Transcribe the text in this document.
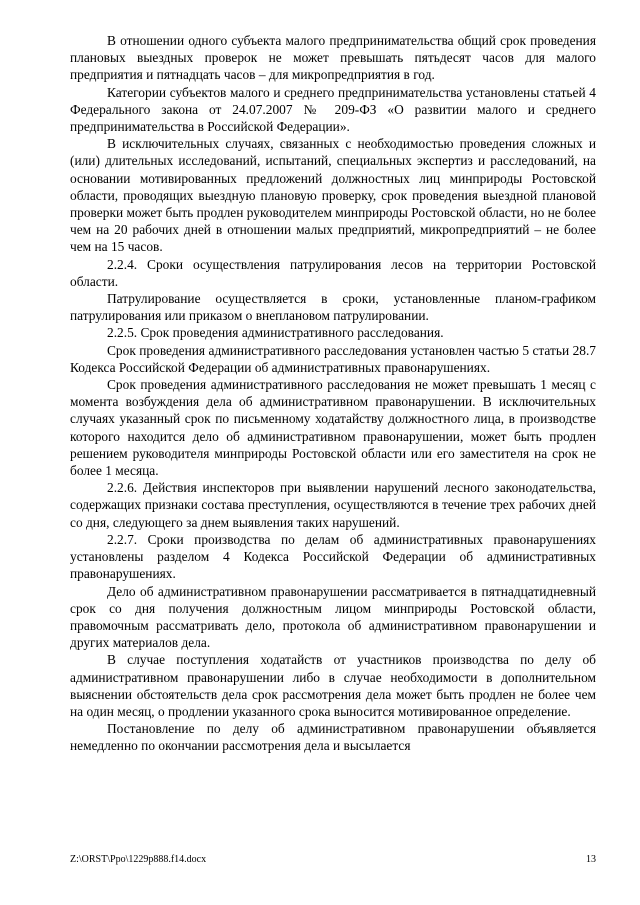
В отношении одного субъекта малого предпринимательства общий срок проведения плановых выездных проверок не может превышать пятьдесят часов для малого предприятия и пятнадцать часов – для микропредприятия в год.

Категории субъектов малого и среднего предпринимательства установлены статьей 4 Федерального закона от 24.07.2007 № 209-ФЗ «О развитии малого и среднего предпринимательства в Российской Федерации».

В исключительных случаях, связанных с необходимостью проведения сложных и (или) длительных исследований, испытаний, специальных экспертиз и расследований, на основании мотивированных предложений должностных лиц минприроды Ростовской области, проводящих выездную плановую проверку, срок проведения выездной плановой проверки может быть продлен руководителем минприроды Ростовской области, но не более чем на 20 рабочих дней в отношении малых предприятий, микропредприятий – не более чем на 15 часов.

2.2.4. Сроки осуществления патрулирования лесов на территории Ростовской области.

Патрулирование осуществляется в сроки, установленные планом-графиком патрулирования или приказом о внеплановом патрулировании.

2.2.5. Срок проведения административного расследования.

Срок проведения административного расследования установлен частью 5 статьи 28.7 Кодекса Российской Федерации об административных правонарушениях.

Срок проведения административного расследования не может превышать 1 месяц с момента возбуждения дела об административном правонарушении. В исключительных случаях указанный срок по письменному ходатайству должностного лица, в производстве которого находится дело об административном правонарушении, может быть продлен решением руководителя минприроды Ростовской области или его заместителя на срок не более 1 месяца.

2.2.6. Действия инспекторов при выявлении нарушений лесного законодательства, содержащих признаки состава преступления, осуществляются в течение трех рабочих дней со дня, следующего за днем выявления таких нарушений.

2.2.7. Сроки производства по делам об административных правонарушениях установлены разделом 4 Кодекса Российской Федерации об административных правонарушениях.

Дело об административном правонарушении рассматривается в пятнадцатидневный срок со дня получения должностным лицом минприроды Ростовской области, правомочным рассматривать дело, протокола об административном правонарушении и других материалов дела.

В случае поступления ходатайств от участников производства по делу об административном правонарушении либо в случае необходимости в дополнительном выяснении обстоятельств дела срок рассмотрения дела может быть продлен не более чем на один месяц, о продлении указанного срока выносится мотивированное определение.

Постановление по делу об административном правонарушении объявляется немедленно по окончании рассмотрения дела и высылается

Z:\ORST\Ppo\1229p888.f14.docx	13
